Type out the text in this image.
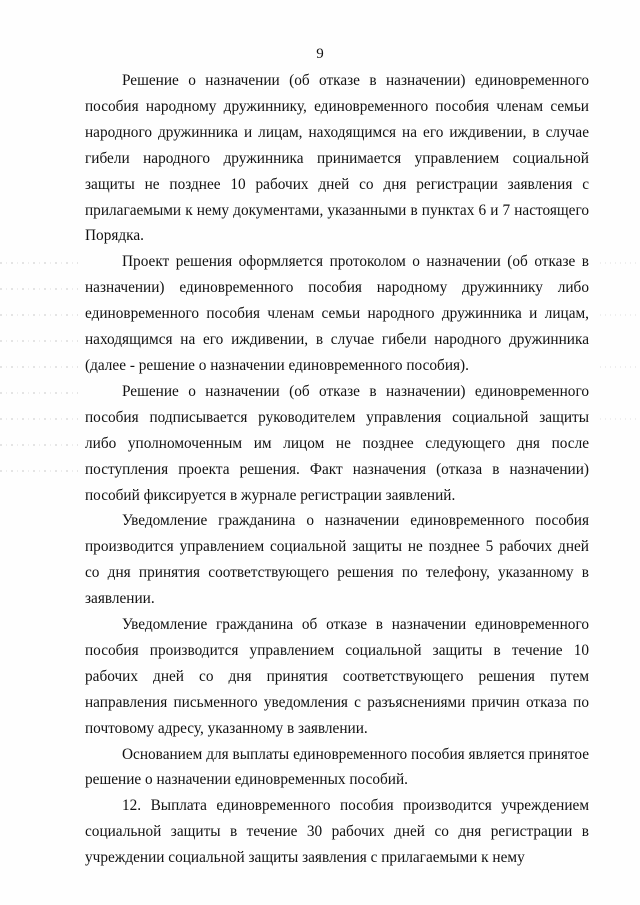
9

Решение о назначении (об отказе в назначении) единовременного пособия народному дружиннику, единовременного пособия членам семьи народного дружинника и лицам, находящимся на его иждивении, в случае гибели народного дружинника принимается управлением социальной защиты не позднее 10 рабочих дней со дня регистрации заявления с прилагаемыми к нему документами, указанными в пунктах 6 и 7 настоящего Порядка.

Проект решения оформляется протоколом о назначении (об отказе в назначении) единовременного пособия народному дружиннику либо единовременного пособия членам семьи народного дружинника и лицам, находящимся на его иждивении, в случае гибели народного дружинника (далее - решение о назначении единовременного пособия).

Решение о назначении (об отказе в назначении) единовременного пособия подписывается руководителем управления социальной защиты либо уполномоченным им лицом не позднее следующего дня после поступления проекта решения. Факт назначения (отказа в назначении) пособий фиксируется в журнале регистрации заявлений.

Уведомление гражданина о назначении единовременного пособия производится управлением социальной защиты не позднее 5 рабочих дней со дня принятия соответствующего решения по телефону, указанному в заявлении.

Уведомление гражданина об отказе в назначении единовременного пособия производится управлением социальной защиты в течение 10 рабочих дней со дня принятия соответствующего решения путем направления письменного уведомления с разъяснениями причин отказа по почтовому адресу, указанному в заявлении.

Основанием для выплаты единовременного пособия является принятое решение о назначении единовременных пособий.

12. Выплата единовременного пособия производится учреждением социальной защиты в течение 30 рабочих дней со дня регистрации в учреждении социальной защиты заявления с прилагаемыми к нему
